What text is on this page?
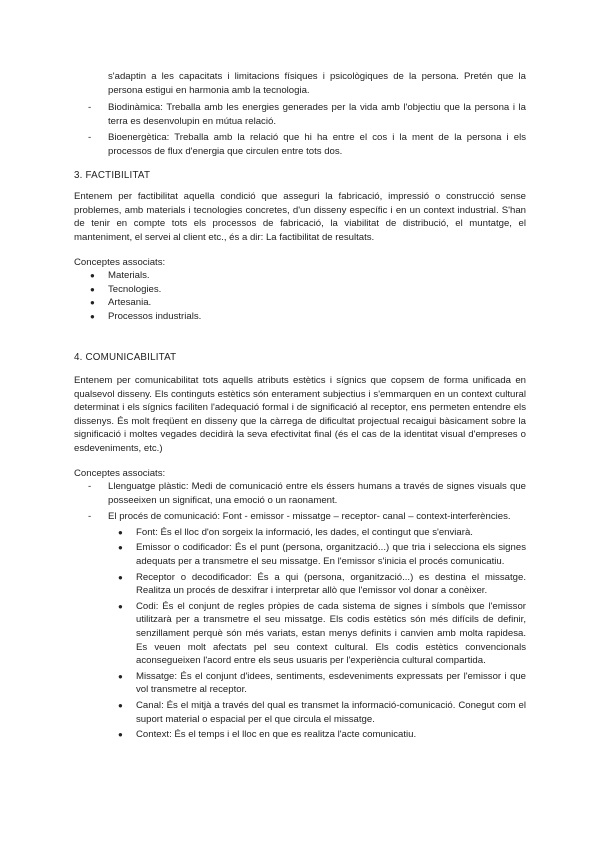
s'adaptin a les capacitats i limitacions físiques i psicològiques de la persona. Pretén que la persona estigui en harmonia amb la tecnologia.
- Biodinàmica: Treballa amb les energies generades per la vida amb l'objectiu que la persona i la terra es desenvolupin en mútua relació.
- Bioenergètica: Treballa amb la relació que hi ha entre el cos i la ment de la persona i els processos de flux d'energia que circulen entre tots dos.
3. FACTIBILITAT
Entenem per factibilitat aquella condició que asseguri la fabricació, impressió o construcció sense problemes, amb materials i tecnologies concretes, d'un disseny específic i en un context industrial. S'han de tenir en compte tots els processos de fabricació, la viabilitat de distribució, el muntatge, el manteniment, el servei al client etc., és a dir: La factibilitat de resultats.
Conceptes associats:
● Materials.
● Tecnologies.
● Artesania.
● Processos industrials.
4. COMUNICABILITAT
Entenem per comunicabilitat tots aquells atributs estètics i sígnics que copsem de forma unificada en qualsevol disseny. Els continguts estètics són enterament subjectius i s'emmarquen en un context cultural determinat i els sígnics faciliten l'adequació formal i de significació al receptor, ens permeten entendre els dissenys. És molt freqüent en disseny que la càrrega de dificultat projectual recaigui bàsicament sobre la significació i moltes vegades decidirà la seva efectivitat final (és el cas de la identitat visual d'empreses o esdeveniments, etc.)
Conceptes associats:
- Llenguatge plàstic: Medi de comunicació entre els éssers humans a través de signes visuals que posseeixen un significat, una emoció o un raonament.
- El procés de comunicació: Font - emissor - missatge – receptor- canal – context-interferències.
● Font: És el lloc d'on sorgeix la informació, les dades, el contingut que s'enviarà.
● Emissor o codificador: És el punt (persona, organització...) que tria i selecciona els signes adequats per a transmetre el seu missatge. En l'emissor s'inicia el procés comunicatiu.
● Receptor o decodificador: És a qui (persona, organització...) es destina el missatge. Realitza un procés de desxifrar i interpretar allò que l'emissor vol donar a conèixer.
● Codi: És el conjunt de regles pròpies de cada sistema de signes i símbols que l'emissor utilitzarà per a transmetre el seu missatge. Els codis estètics són més difícils de definir, senzillament perquè són més variats, estan menys definits i canvien amb molta rapidesa. Es veuen molt afectats pel seu context cultural. Els codis estètics convencionals aconsegueixen l'acord entre els seus usuaris per l'experiència cultural compartida.
● Missatge: És el conjunt d'idees, sentiments, esdeveniments expressats per l'emissor i que vol transmetre al receptor.
● Canal: És el mitjà a través del qual es transmet la informació-comunicació. Conegut com el suport material o espacial per el que circula el missatge.
● Context: És el temps i el lloc en que es realitza l'acte comunicatiu.
